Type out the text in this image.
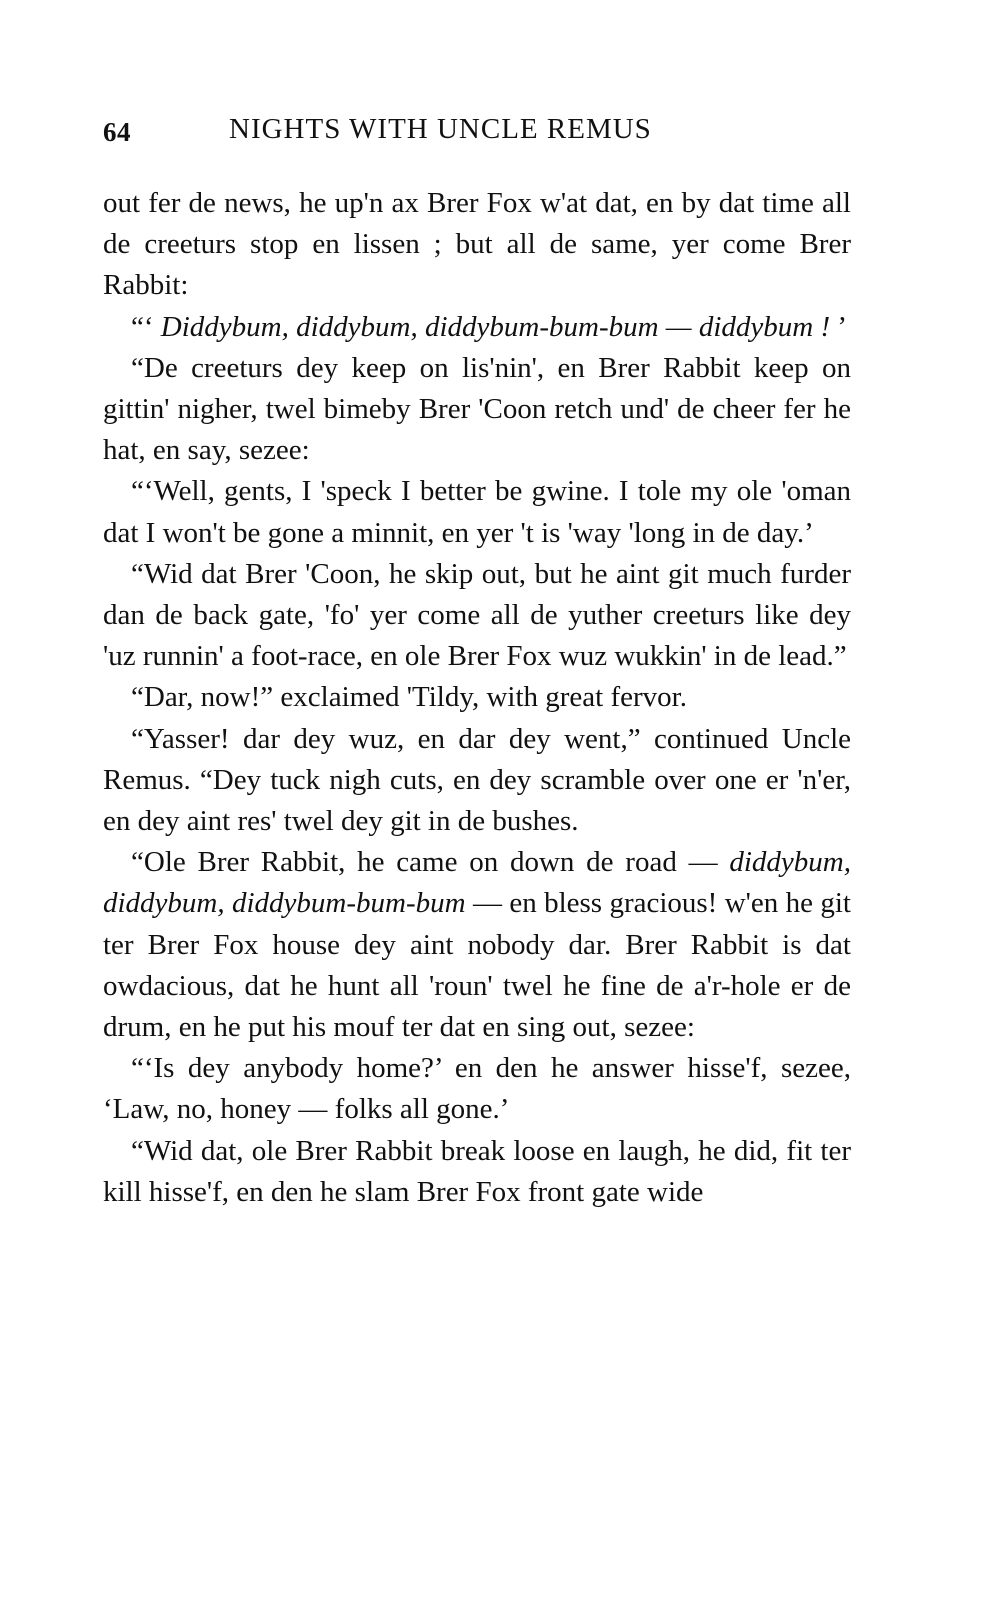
64	NIGHTS WITH UNCLE REMUS

out fer de news, he up'n ax Brer Fox w'at dat, en by dat time all de creeturs stop en lissen ; but all de same, yer come Brer Rabbit:

“‘ Diddybum, diddybum, diddybum-bum-bum — diddybum ! ’

“De creeturs dey keep on lis'nin', en Brer Rabbit keep on gittin' nigher, twel bimeby Brer 'Coon retch und' de cheer fer he hat, en say, sezee:

“‘Well, gents, I 'speck I better be gwine. I tole my ole 'oman dat I won't be gone a minnit, en yer 't is 'way 'long in de day.’

“Wid dat Brer 'Coon, he skip out, but he aint git much furder dan de back gate, 'fo' yer come all de yuther creeturs like dey 'uz runnin' a foot-race, en ole Brer Fox wuz wukkin' in de lead.”

“Dar, now!” exclaimed 'Tildy, with great fervor.

“Yasser! dar dey wuz, en dar dey went,” continued Uncle Remus. “Dey tuck nigh cuts, en dey scramble over one er 'n'er, en dey aint res' twel dey git in de bushes.

“Ole Brer Rabbit, he came on down de road — diddybum, diddybum, diddybum-bum-bum — en bless gracious! w'en he git ter Brer Fox house dey aint nobody dar. Brer Rabbit is dat owdacious, dat he hunt all 'roun' twel he fine de a'r-hole er de drum, en he put his mouf ter dat en sing out, sezee:

“‘Is dey anybody home?’ en den he answer hisse'f, sezee, ‘Law, no, honey — folks all gone.’

“Wid dat, ole Brer Rabbit break loose en laugh, he did, fit ter kill hisse'f, en den he slam Brer Fox front gate wide
